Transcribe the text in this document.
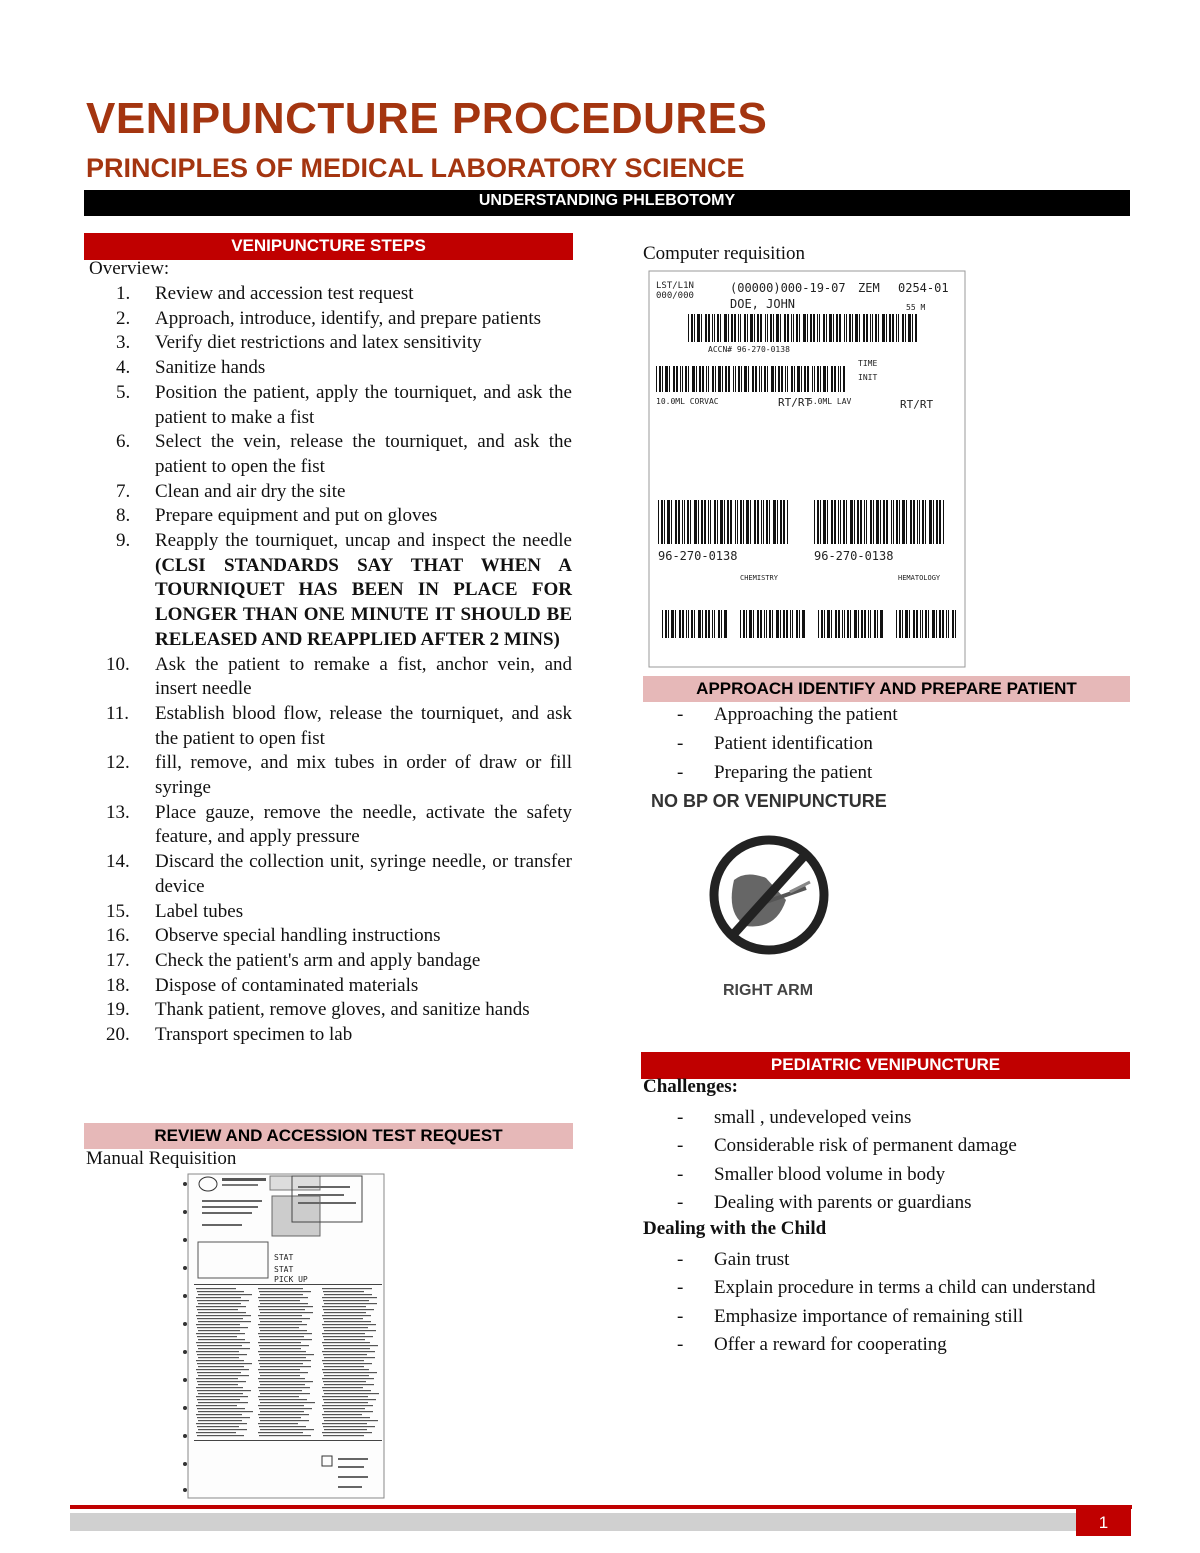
VENIPUNCTURE PROCEDURES
PRINCIPLES OF MEDICAL LABORATORY SCIENCE
UNDERSTANDING PHLEBOTOMY
VENIPUNCTURE STEPS
Overview:
1.	Review and accession test request
2.	Approach, introduce, identify, and prepare patients
3.	Verify diet restrictions and latex sensitivity
4.	Sanitize hands
5.	Position the patient, apply the tourniquet, and ask the patient to make a fist
6.	Select the vein, release the tourniquet, and ask the patient to open the fist
7.	Clean and air dry the site
8.	Prepare equipment and put on gloves
9.	Reapply the tourniquet, uncap and inspect the needle (CLSI STANDARDS SAY THAT WHEN A TOURNIQUET HAS BEEN IN PLACE FOR LONGER THAN ONE MINUTE IT SHOULD BE RELEASED AND REAPPLIED AFTER 2 MINS)
10. Ask the patient to remake a fist, anchor vein, and insert needle
11. Establish blood flow, release the tourniquet, and ask the patient to open fist
12. fill, remove, and mix tubes in order of draw or fill syringe
13. Place gauze, remove the needle, activate the safety feature, and apply pressure
14. Discard the collection unit, syringe needle, or transfer device
15. Label tubes
16. Observe special handling instructions
17. Check the patient's arm and apply bandage
18. Dispose of contaminated materials
19. Thank patient, remove gloves, and sanitize hands
20. Transport specimen to lab
REVIEW AND ACCESSION TEST REQUEST
Manual Requisition
STAT
STAT
PICK UP
Computer requisition
LST/L1N
000/000
(00000)000-19-07 ZEM 0254-01
DOE, JOHN	55 M
ACCN# 96-270-0138
TIME
INIT
10.0ML CORVAC	RT/RT
5.0ML LAV	RT/RT
96-270-0138	96-270-0138
CHEMISTRY	HEMATOLOGY
APPROACH IDENTIFY AND PREPARE PATIENT
- Approaching the patient
- Patient identification
- Preparing the patient
NO BP OR VENIPUNCTURE
RIGHT ARM
PEDIATRIC VENIPUNCTURE
Challenges:
- small , undeveloped veins
- Considerable risk of permanent damage
- Smaller blood volume in body
- Dealing with parents or guardians
Dealing with the Child
- Gain trust
- Explain procedure in terms a child can understand
- Emphasize importance of remaining still
- Offer a reward for cooperating
1
